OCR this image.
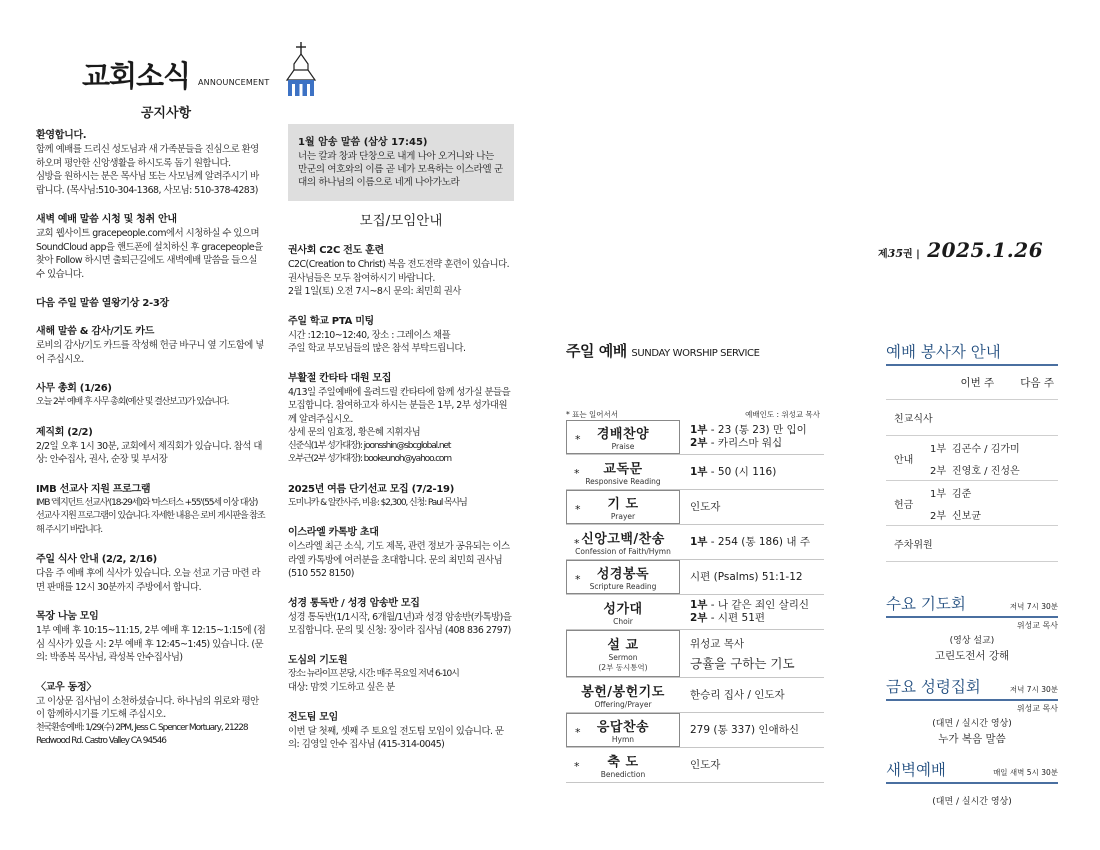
교회소식 ANNOUNCEMENT
공지사항
환영합니다.

함께 예배를 드리신 성도님과 새 가족분들을 진심으로 환영하오며 평안한 신앙생활을 하시도록 돕기 원합니다.

심방을 원하시는 분은 목사님 또는 사모님께 알려주시기 바랍니다. (목사님:510-304-1368, 사모님: 510-378-4283)

새벽 예배 말씀 시청 및 청취 안내

교회 웹사이트 gracepeople.com에서 시청하실 수 있으며 SoundCloud app을 핸드폰에 설치하신 후 gracepeople을 찾아 Follow 하시면 출퇴근길에도 새벽예배 말씀을 들으실 수 있습니다.

다음 주일 말씀 열왕기상 2-3장
새해 말씀 & 감사/기도 카드

로비의 감사/기도 카드를 작성해 헌금 바구니 옆 기도함에 넣어 주십시오.

사무 총회 (1/26)

오늘 2부 예배 후 사무 총회(예산 및 결산보고)가 있습니다.

제직회 (2/2)

2/2일 오후 1시 30분, 교회에서 제직회가 있습니다. 참석 대상: 안수집사, 권사, 순장 및 부서장

IMB 선교사 지원 프로그램

IMB '레지던트 선교사'(18-29세)와 '마스터스 +55'(55세 이상 대상) 선교사 지원 프로그램이 있습니다. 자세한 내용은 로비 게시판을 참조해 주시기 바랍니다.

주일 식사 안내 (2/2, 2/16)

다음 주 예배 후에 식사가 있습니다. 오늘 선교 기금 마련 라면 판매를 12시 30분까지 주방에서 합니다.

목장 나눔 모임

1부 예배 후 10:15~11:15, 2부 예배 후 12:15~1:15에 (점심 식사가 있을 시: 2부 예배 후 12:45~1:45) 있습니다. (문의: 박종복 목사님, 곽성복 안수집사님)

〈교우 동정〉

고 이상문 집사님이 소천하셨습니다. 하나님의 위로와 평안이 함께하시기를 기도해 주십시오.

천국환송예배: 1/29(수) 2PM, Jess C. Spencer Mortuary, 21228 Redwood Rd. Castro Valley CA 94546

1월 암송 말씀 (삼상 17:45)
너는 칼과 창과 단창으로 내게 나아 오거니와 나는 만군의 여호와의 이름 곧 네가 모욕하는 이스라엘 군대의 하나님의 이름으로 네게 나아가노라
모집/모임안내
권사회 C2C 전도 훈련

C2C(Creation to Christ) 복음 전도전략 훈련이 있습니다. 권사님들은 모두 참여하시기 바랍니다.

2월 1일(토) 오전 7시~8시 문의: 최민희 권사

주일 학교 PTA 미팅

시간 :12:10~12:40, 장소 : 그레이스 채플

주일 학교 부모님들의 많은 참석 부탁드립니다.

부활절 칸타타 대원 모집

4/13일 주일예배에 올려드릴 칸타타에 함께 성가실 분들을 모집합니다. 참여하고자 하시는 분들은 1부, 2부 성가대원께 알려주십시오.

상세 문의 임효정, 황은혜 지휘자님

신준식(1부 성가대장): joonsshin@sbcglobal.net

오부근(2부 성가대장): bookeunoh@yahoo.com

2025년 여름 단기선교 모집 (7/2-19)

도미니카 & 알칸사주, 비용: $2,300, 신청: Paul 목사님

이스라엘 카톡방 초대

이스라엘 최근 소식, 기도 제목, 관련 정보가 공유되는 이스라엘 카톡방에 여러분을 초대합니다. 문의 최민희 권사님(510 552 8150)

성경 통독반 / 성경 암송반 모집

성경 통독반(1/1시작, 6개월/1년)과 성경 암송반(카톡방)을 모집합니다. 문의 및 신청: 장이라 집사님 (408 836 2797)

도심의 기도원

장소: 뉴라이프 본당, 시간: 매주 목요일 저녁 6-10시

대상: 맘껏 기도하고 싶은 분

전도팀 모임

이번 달 첫째, 셋째 주 토요일 전도팀 모임이 있습니다. 문의: 김영일 안수 집사님 (415-314-0045)

주일 예배 SUNDAY WORSHIP SERVICE
* 표는 일어서서	예배인도 : 위성교 목사
* 경배찬양
Praise
1부 - 23 (통 23) 만 입이
2부 - 카리스마 워십
* 교독문
Responsive Reading
1부 - 50 (시 116)
* 기 도
Prayer
인도자
* 신앙고백/찬송
Confession of Faith/Hymn
1부 - 254 (통 186) 내 주
* 성경봉독
Scripture Reading
시편 (Psalms) 51:1-12
성가대
Choir
1부 - 나 같은 죄인 살리신
2부 - 시편 51편
설 교
Sermon
(2부 동시통역)
위성교 목사
긍휼을 구하는 기도
봉헌/봉헌기도
Offering/Prayer
한승리 집사 / 인도자
* 응답찬송
Hymn
279 (통 337) 인애하신
* 축 도
Benediction
인도자
제35권 | 2025.1.26
예배 봉사자 안내
이번 주 다음 주
친교식사
안내
1부 김곤수 / 김가미
2부 진영호 / 진성은
헌금
1부 김준
2부 신보균
주차위원
수요 기도회	저녁 7시 30분
위성교 목사
(영상 설교)
고린도전서 강해
금요 성령집회	저녁 7시 30분
위성교 목사
(대면 / 실시간 영상)
누가 복음 말씀
새벽예배	매일 새벽 5시 30분
(대면 / 실시간 영상)
